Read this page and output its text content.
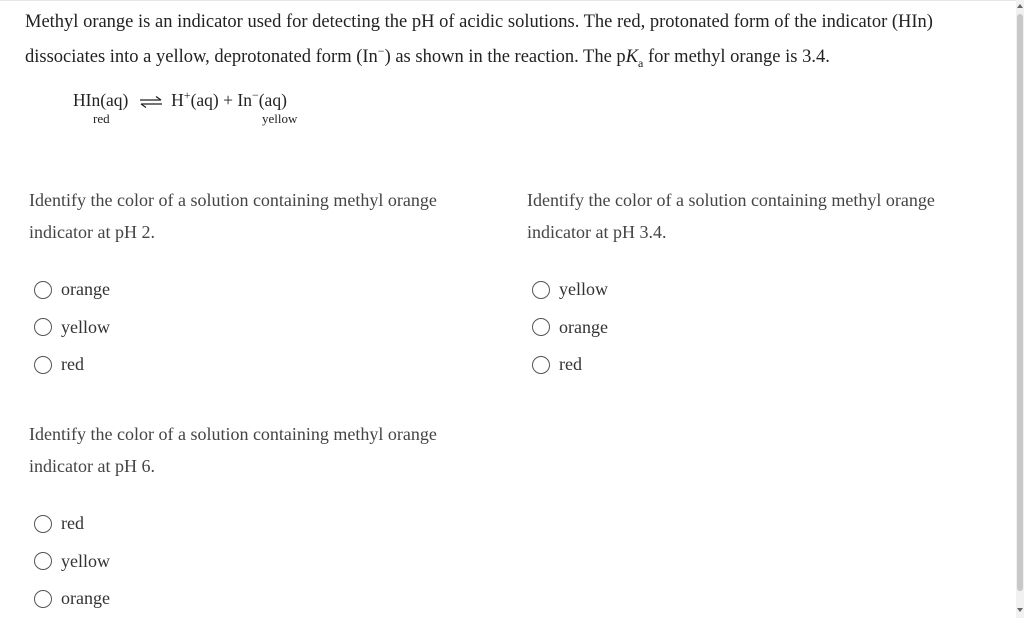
Methyl orange is an indicator used for detecting the pH of acidic solutions. The red, protonated form of the indicator (HIn)

dissociates into a yellow, deprotonated form (In−) as shown in the reaction. The $pK_a$ for methyl orange is 3.4.

HIn(aq) ⇌ H+(aq) + In−(aq)
red	yellow

Identify the color of a solution containing methyl orange
indicator at pH 2.

orange
yellow
red

Identify the color of a solution containing methyl orange
indicator at pH 3.4.

yellow
orange
red

Identify the color of a solution containing methyl orange
indicator at pH 6.

red
yellow
orange
